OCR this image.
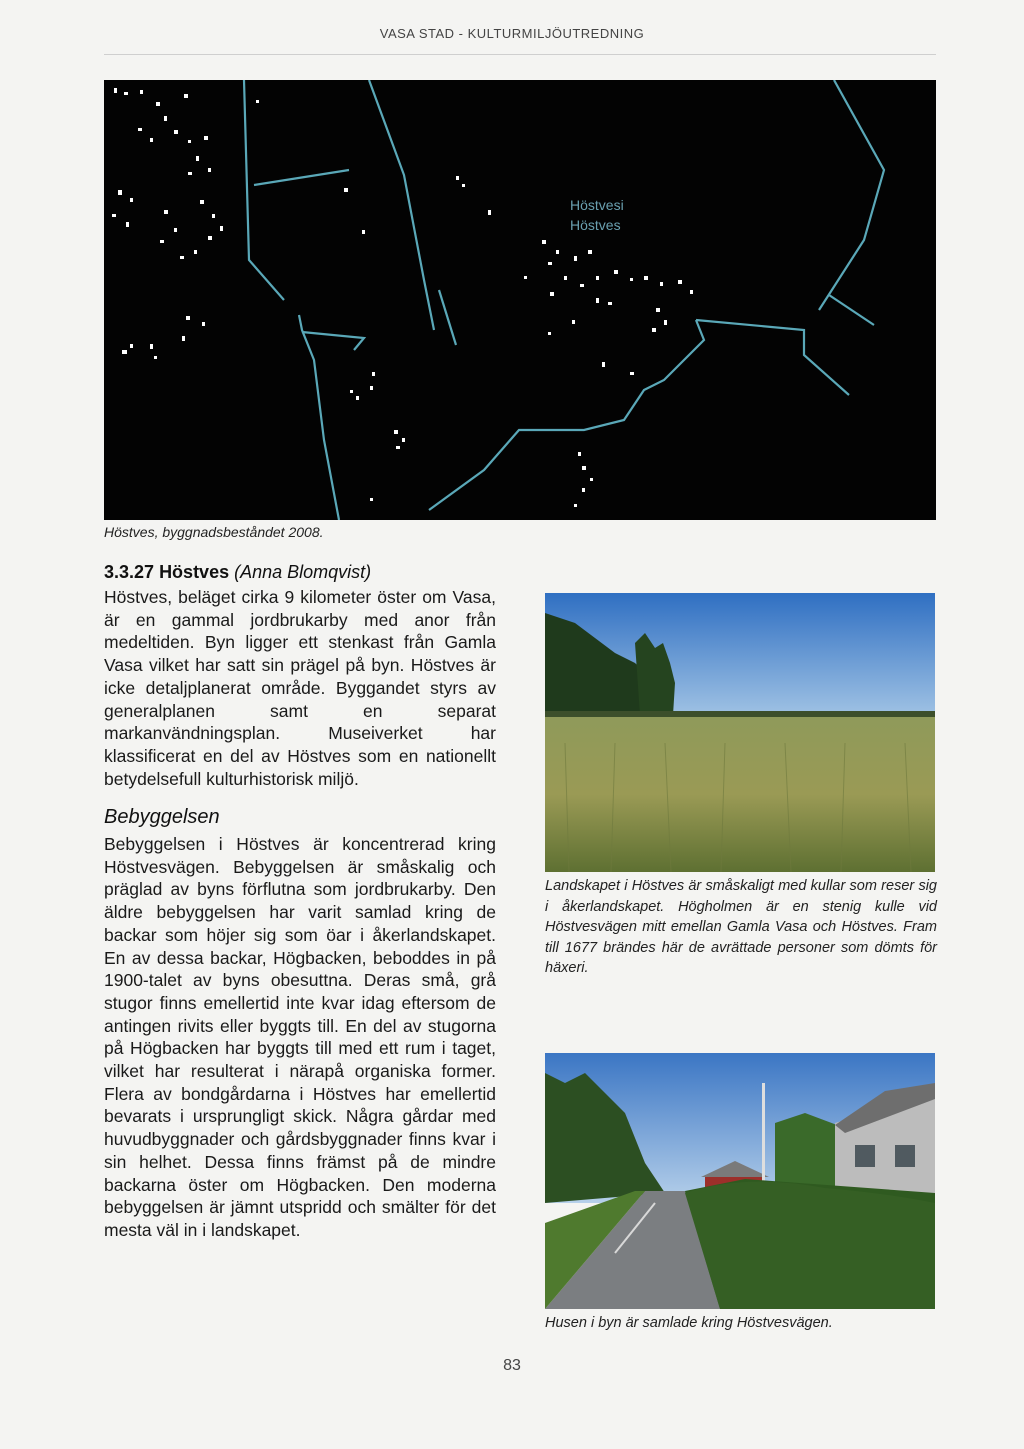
VASA STAD - KULTURMILJÖUTREDNING
Höstvesi
Höstves
Höstves, byggnadsbeståndet 2008.
3.3.27 Höstves (Anna Blomqvist)

Höstves, beläget cirka 9 kilometer öster om Vasa, är en gammal jordbrukarby med anor från medeltiden. Byn ligger ett stenkast från Gamla Vasa vilket har satt sin prägel på byn. Höstves är icke detaljplanerat område. Byggandet styrs av generalplanen samt en separat markanvändningsplan. Museiverket har klassificerat en del av Höstves som en nationellt betydelsefull kulturhistorisk miljö.

Bebyggelsen

Bebyggelsen i Höstves är koncentrerad kring Höstvesvägen. Bebyggelsen är småskalig och präglad av byns förflutna som jordbrukarby. Den äldre bebyggelsen har varit samlad kring de backar som höjer sig som öar i åkerlandskapet. En av dessa backar, Högbacken, beboddes in på 1900-talet av byns obesuttna. Deras små, grå stugor finns emellertid inte kvar idag eftersom de antingen rivits eller byggts till. En del av stugorna på Högbacken har byggts till med ett rum i taget, vilket har resulterat i närapå organiska former. Flera av bondgårdarna i Höstves har emellertid bevarats i ursprungligt skick. Några gårdar med huvudbyggnader och gårdsbyggnader finns kvar i sin helhet. Dessa finns främst på de mindre backarna öster om Högbacken. Den moderna bebyggelsen är jämnt utspridd och smälter för det mesta väl in i landskapet.

Landskapet i Höstves är småskaligt med kullar som reser sig i åkerlandskapet. Högholmen är en stenig kulle vid Höstvesvägen mitt emellan Gamla Vasa och Höstves. Fram till 1677 brändes här de avrättade personer som dömts för häxeri.

Husen i byn är samlade kring Höstvesvägen.

83
